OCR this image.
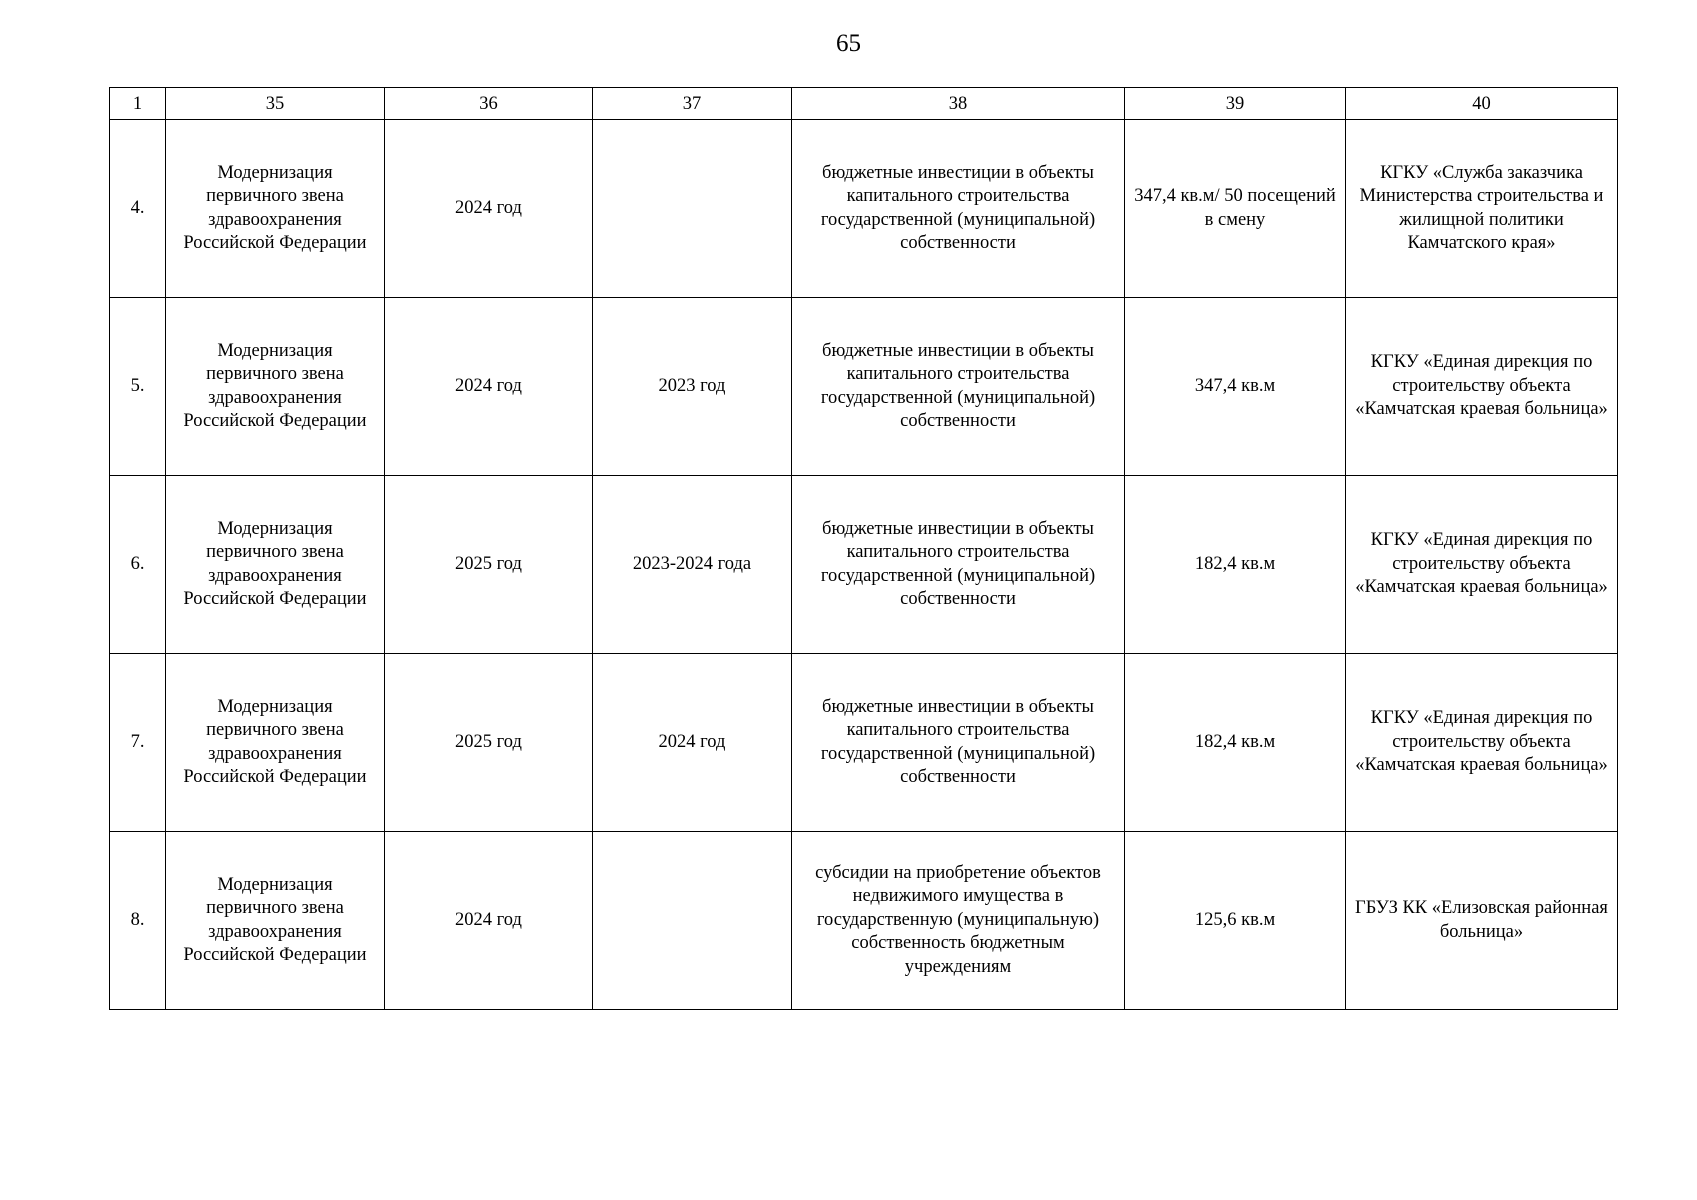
65
1	35	36	37	38	39	40
4.	Модернизация первичного звена здравоохранения Российской Федерации	2024 год		бюджетные инвестиции в объекты капитального строительства государственной (муниципальной) собственности	347,4 кв.м/ 50 посещений в смену	КГКУ «Служба заказчика Министерства строительства и жилищной политики Камчатского края»
5.	Модернизация первичного звена здравоохранения Российской Федерации	2024 год	2023 год	бюджетные инвестиции в объекты капитального строительства государственной (муниципальной) собственности	347,4 кв.м	КГКУ «Единая дирекция по строительству объекта «Камчатская краевая больница»
6.	Модернизация первичного звена здравоохранения Российской Федерации	2025 год	2023-2024 года	бюджетные инвестиции в объекты капитального строительства государственной (муниципальной) собственности	182,4 кв.м	КГКУ «Единая дирекция по строительству объекта «Камчатская краевая больница»
7.	Модернизация первичного звена здравоохранения Российской Федерации	2025 год	2024 год	бюджетные инвестиции в объекты капитального строительства государственной (муниципальной) собственности	182,4 кв.м	КГКУ «Единая дирекция по строительству объекта «Камчатская краевая больница»
8.	Модернизация первичного звена здравоохранения Российской Федерации	2024 год		субсидии на приобретение объектов недвижимого имущества в государственную (муниципальную) собственность бюджетным учреждениям	125,6 кв.м	ГБУЗ КК «Елизовская районная больница»
